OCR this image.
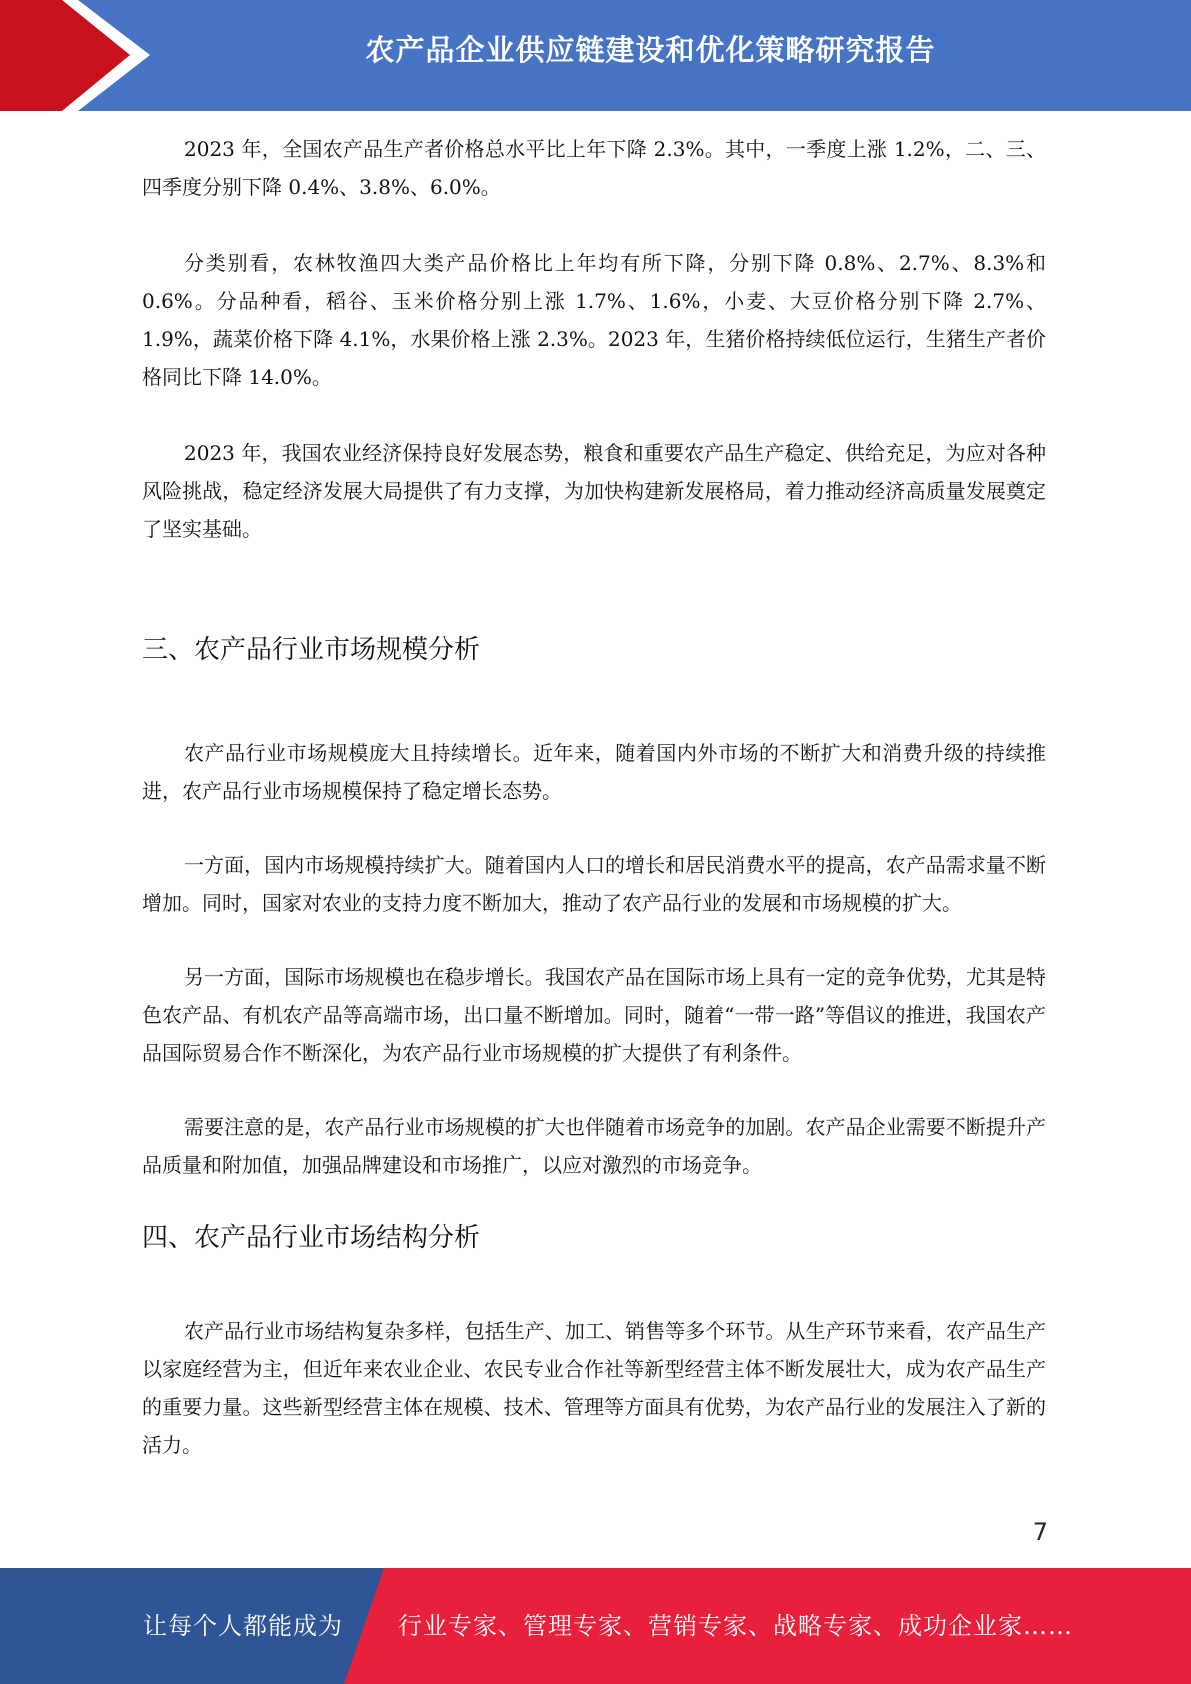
农产品企业供应链建设和优化策略研究报告

2023 年，全国农产品生产者价格总水平比上年下降 2.3%。其中，一季度上涨 1.2%，二、三、四季度分别下降 0.4%、3.8%、6.0%。

分类别看，农林牧渔四大类产品价格比上年均有所下降，分别下降 0.8%、2.7%、8.3%和 0.6%。分品种看，稻谷、玉米价格分别上涨 1.7%、1.6%，小麦、大豆价格分别下降 2.7%、1.9%，蔬菜价格下降 4.1%，水果价格上涨 2.3%。2023 年，生猪价格持续低位运行，生猪生产者价格同比下降 14.0%。

2023 年，我国农业经济保持良好发展态势，粮食和重要农产品生产稳定、供给充足，为应对各种风险挑战，稳定经济发展大局提供了有力支撑，为加快构建新发展格局，着力推动经济高质量发展奠定了坚实基础。

三、农产品行业市场规模分析

农产品行业市场规模庞大且持续增长。近年来，随着国内外市场的不断扩大和消费升级的持续推进，农产品行业市场规模保持了稳定增长态势。

一方面，国内市场规模持续扩大。随着国内人口的增长和居民消费水平的提高，农产品需求量不断增加。同时，国家对农业的支持力度不断加大，推动了农产品行业的发展和市场规模的扩大。

另一方面，国际市场规模也在稳步增长。我国农产品在国际市场上具有一定的竞争优势，尤其是特色农产品、有机农产品等高端市场，出口量不断增加。同时，随着“一带一路”等倡议的推进，我国农产品国际贸易合作不断深化，为农产品行业市场规模的扩大提供了有利条件。

需要注意的是，农产品行业市场规模的扩大也伴随着市场竞争的加剧。农产品企业需要不断提升产品质量和附加值，加强品牌建设和市场推广，以应对激烈的市场竞争。

四、农产品行业市场结构分析

农产品行业市场结构复杂多样，包括生产、加工、销售等多个环节。从生产环节来看，农产品生产以家庭经营为主，但近年来农业企业、农民专业合作社等新型经营主体不断发展壮大，成为农产品生产的重要力量。这些新型经营主体在规模、技术、管理等方面具有优势，为农产品行业的发展注入了新的活力。

7
让每个人都能成为 行业专家、管理专家、营销专家、战略专家、成功企业家……
